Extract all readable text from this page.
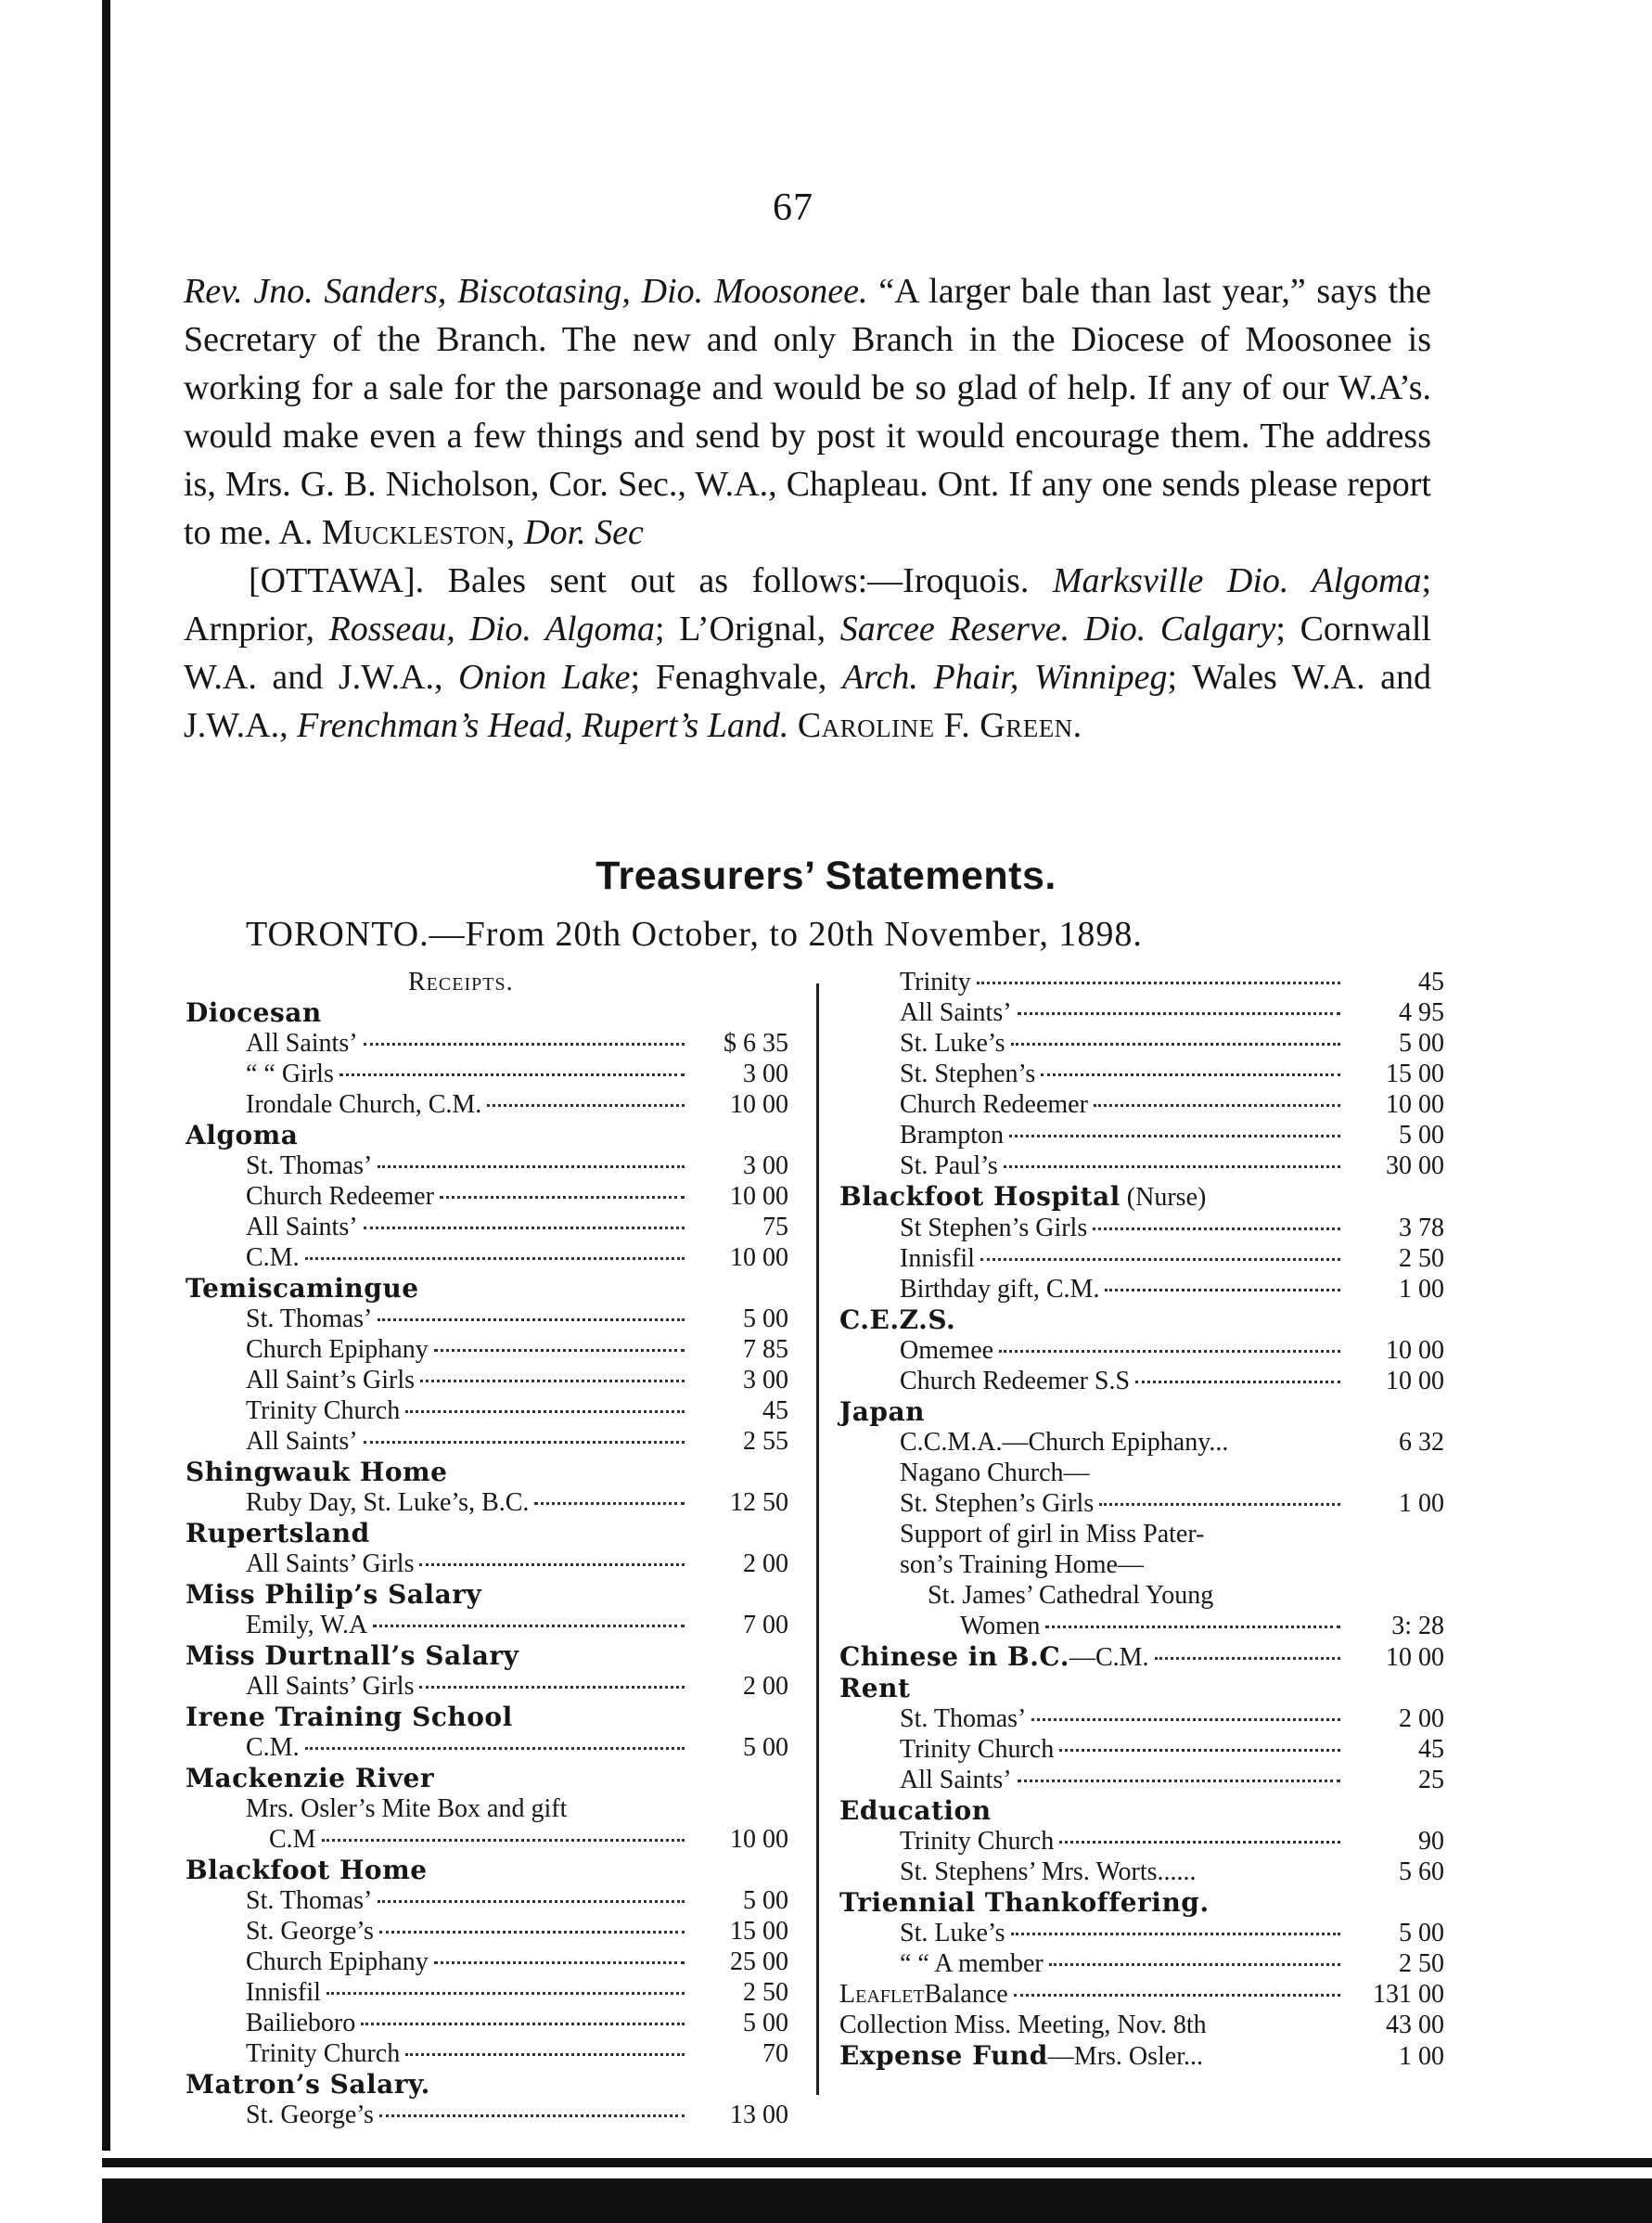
67

Rev. Jno. Sanders, Biscotasing, Dio. Moosonee. “A larger bale than last year,” says the Secretary of the Branch. The new and only Branch in the Diocese of Moosonee is working for a sale for the parsonage and would be so glad of help. If any of our W.A’s. would make even a few things and send by post it would encourage them. The address is, Mrs. G. B. Nicholson, Cor. Sec., W.A., Chapleau. Ont. If any one sends please report to me. A. Muckleston, Dor. Sec

[OTTAWA]. Bales sent out as follows:—Iroquois. Marksville Dio. Algoma; Arnprior, Rosseau, Dio. Algoma; L’Orignal, Sarcee Reserve. Dio. Calgary; Cornwall W.A. and J.W.A., Onion Lake; Fenaghvale, Arch. Phair, Winnipeg; Wales W.A. and J.W.A., Frenchman’s Head, Rupert’s Land. Caroline F. Green.

Treasurers’ Statements.
TORONTO.—From 20th October, to 20th November, 1898.
Receipts.
Diocesan
All Saints’	$ 6 35
“ “ Girls	3 00
Irondale Church, C.M.	10 00
Algoma
St. Thomas’	3 00
Church Redeemer	10 00
All Saints’	75
C.M.	10 00
Temiscamingue
St. Thomas’	5 00
Church Epiphany	7 85
All Saint’s Girls	3 00
Trinity Church	45
All Saints’	2 55
Shingwauk Home
Ruby Day, St. Luke’s, B.C.	12 50
Rupertsland
All Saints’ Girls	2 00
Miss Philip’s Salary
Emily, W.A	7 00
Miss Durtnall’s Salary
All Saints’ Girls	2 00
Irene Training School
C.M.	5 00
Mackenzie River
Mrs. Osler’s Mite Box and gift
C.M	10 00
Blackfoot Home
St. Thomas’	5 00
St. George’s	15 00
Church Epiphany	25 00
Innisfil	2 50
Bailieboro	5 00
Trinity Church	70
Matron’s Salary.
St. George’s	13 00
Trinity	45
All Saints’	4 95
St. Luke’s	5 00
St. Stephen’s	15 00
Church Redeemer	10 00
Brampton	5 00
St. Paul’s	30 00
Blackfoot Hospital (Nurse)
St Stephen’s Girls	3 78
Innisfil	2 50
Birthday gift, C.M.	1 00
C.E.Z.S.
Omemee	10 00
Church Redeemer S.S	10 00
Japan
C.C.M.A.—Church Epiphany...	6 32
Nagano Church—
St. Stephen’s Girls	1 00
Support of girl in Miss Pater-
son’s Training Home—
St. James’ Cathedral Young
Women	3: 28
Chinese in B.C. —C.M.	10 00
Rent
St. Thomas’	2 00
Trinity Church	45
All Saints’	25
Education
Trinity Church	90
St. Stephens’ Mrs. Worts......	5 60
Triennial Thankoffering.
St. Luke’s	5 00
“ “ A member	2 50
Leaflet Balance	131 00
Collection Miss. Meeting, Nov. 8th	43 00
Expense Fund —Mrs. Osler...	1 00
